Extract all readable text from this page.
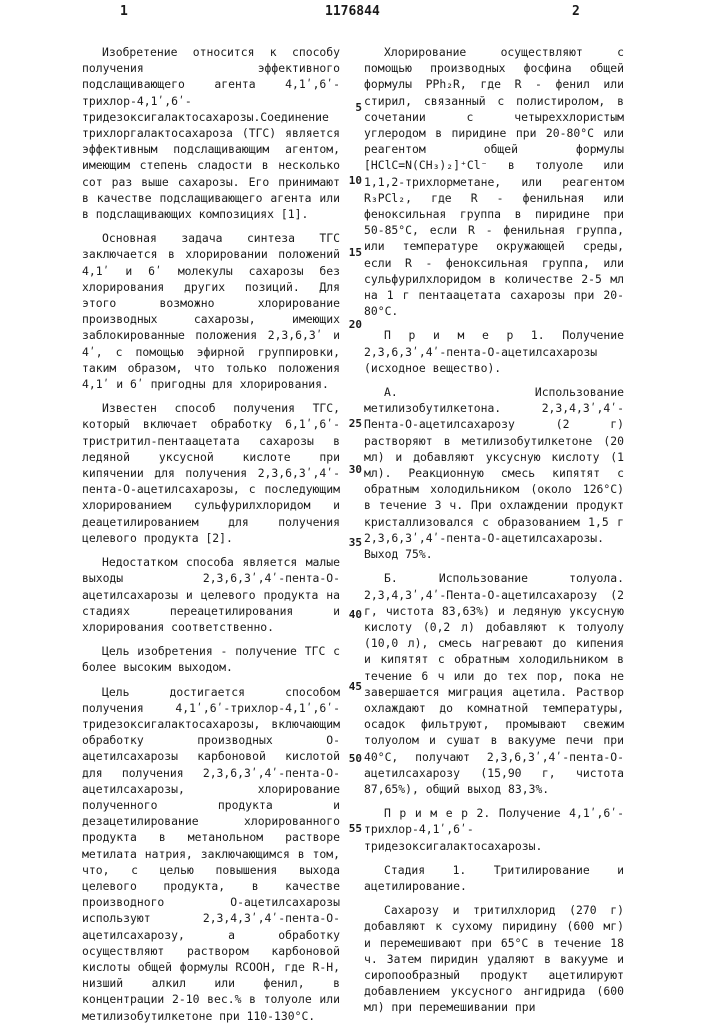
1	1176844	2

Изобретение относится к способу получения эффективного подслащивающего агента 4,1ʹ,6ʹ-трихлор-4,1ʹ,6ʹ-тридезоксигалактосахарозы.Соединение трихлоргалактосахароза (ТГС) является эффективным подслащивающим агентом, имеющим степень сладости в несколько сот раз выше сахарозы. Его принимают в качестве подслащивающего агента или в подслащивающих композициях [1].

Основная задача синтеза ТГС заключается в хлорировании положений 4,1ʹ и 6ʹ молекулы сахарозы без хлорирования других позиций. Для этого возможно хлорирование производных сахарозы, имеющих заблокированные положения 2,3,6,3ʹ и 4ʹ, с помощью эфирной группировки, таким образом, что только положения 4,1ʹ и 6ʹ пригодны для хлорирования.

Известен способ получения ТГС, который включает обработку 6,1ʹ,6ʹ-тристритил-пентаацетата сахарозы в ледяной уксусной кислоте при кипячении для получения 2,3,6,3ʹ,4ʹ-пента-О-ацетилсахарозы, с последующим хлорированием сульфурилхлоридом и деацетилированием для получения целевого продукта [2].

Недостатком способа является малые выходы 2,3,6,3ʹ,4ʹ-пента-О-ацетилсахарозы и целевого продукта на стадиях переацетилирования и хлорирования соответственно.

Цель изобретения - получение ТГС с более высоким выходом.

Цель достигается способом получения 4,1ʹ,6ʹ-трихлор-4,1ʹ,6ʹ-тридезоксигалактосахарозы, включающим обработку производных О-ацетилсахарозы карбоновой кислотой для получения 2,3,6,3ʹ,4ʹ-пента-О-ацетилсахарозы, хлорирование полученного продукта и дезацетилирование хлорированного продукта в метанольном растворе метилата натрия, заключающимся в том, что, с целью повышения выхода целевого продукта, в качестве производного О-ацетилсахарозы используют 2,3,4,3ʹ,4ʹ-пента-О-ацетилсахарозу, а обработку осуществляют раствором карбоновой кислоты общей формулы RCOOH, где R-H, низший алкил или фенил, в концентрации 2-10 вес.% в толуоле или метилизобутилкетоне при 110-130°С.

5
10
15
20
25
30
35
40
45
50
55

Хлорирование осуществляют с помощью производных фосфина общей формулы PPh₂R, где R - фенил или стирил, связанный с полистиролом, в сочетании с четыреххлористым углеродом в пиридине при 20-80°С или реагентом общей формулы [HClC=N(CH₃)₂]⁺Cl⁻ в толуоле или 1,1,2-трихлорметане, или реагентом R₃PCl₂, где R - фенильная или феноксильная группа в пиридине при 50-85°С, если R - фенильная группа, или температуре окружающей среды, если R - феноксильная группа, или сульфурилхлоридом в количестве 2-5 мл на 1 г пентаацетата сахарозы при 20-80°С.

П р и м е р 1. Получение 2,3,6,3ʹ,4ʹ-пента-О-ацетилсахарозы (исходное вещество).

А. Использование метилизобутилкетона. 2,3,4,3ʹ,4ʹ-Пента-О-ацетилсахарозу (2 г) растворяют в метилизобутилкетоне (20 мл) и добавляют уксусную кислоту (1 мл). Реакционную смесь кипятят с обратным холодильником (около 126°С) в течение 3 ч. При охлаждении продукт кристаллизовался с образованием 1,5 г 2,3,6,3ʹ,4ʹ-пента-О-ацетилсахарозы. Выход 75%.

Б. Использование толуола. 2,3,4,3ʹ,4ʹ-Пента-О-ацетилсахарозу (2 г, чистота 83,63%) и ледяную уксусную кислоту (0,2 л) добавляют к толуолу (10,0 л), смесь нагревают до кипения и кипятят с обратным холодильником в течение 6 ч или до тех пор, пока не завершается миграция ацетила. Раствор охлаждают до комнатной температуры, осадок фильтруют, промывают свежим толуолом и сушат в вакууме печи при 40°С, получают 2,3,6,3ʹ,4ʹ-пента-О-ацетилсахарозу (15,90 г, чистота 87,65%), общий выход 83,3%.

П р и м е р 2. Получение 4,1ʹ,6ʹ-трихлор-4,1ʹ,6ʹ-тридезоксигалактосахарозы.

Стадия 1. Тритилирование и ацетилирование.

Сахарозу и тритилхлорид (270 г) добавляют к сухому пиридину (600 мг) и перемешивают при 65°С в течение 18 ч. Затем пиридин удаляют в вакууме и сиропообразный продукт ацетилируют добавлением уксусного ангидрида (600 мл) при перемешивании при
